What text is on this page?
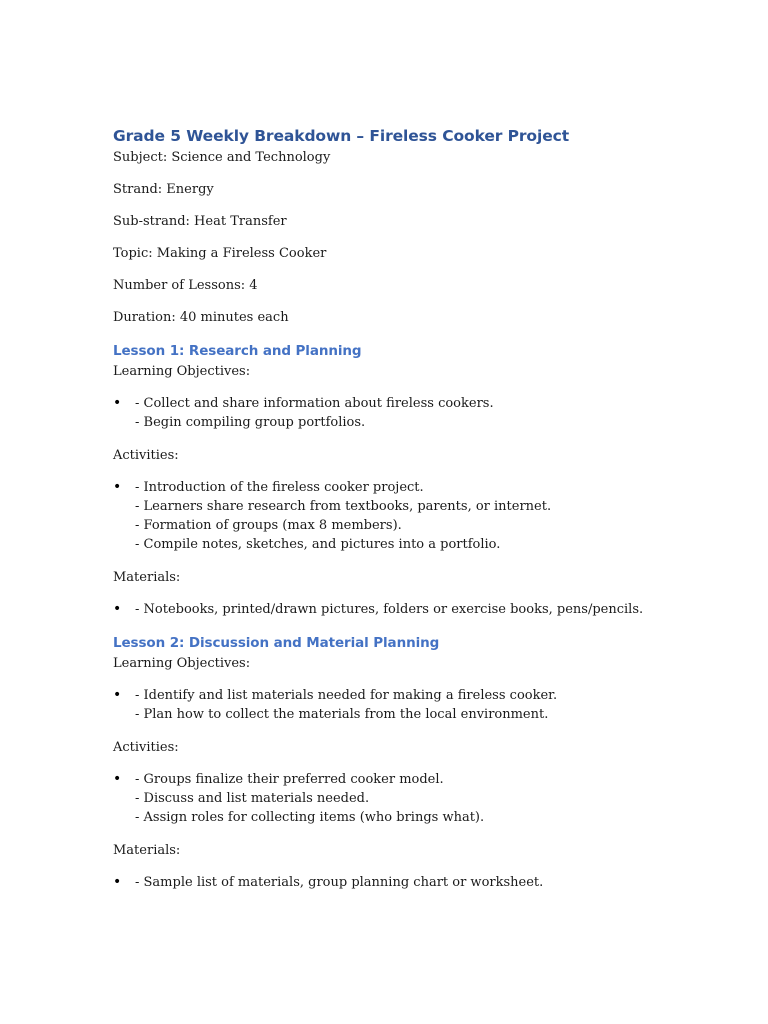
Grade 5 Weekly Breakdown – Fireless Cooker Project

Subject: Science and Technology

Strand: Energy

Sub-strand: Heat Transfer

Topic: Making a Fireless Cooker

Number of Lessons: 4

Duration: 40 minutes each

Lesson 1: Research and Planning

Learning Objectives:

• - Collect and share information about fireless cookers.

- Begin compiling group portfolios.

Activities:

• - Introduction of the fireless cooker project.

- Learners share research from textbooks, parents, or internet.

- Formation of groups (max 8 members).

- Compile notes, sketches, and pictures into a portfolio.

Materials:

• - Notebooks, printed/drawn pictures, folders or exercise books, pens/pencils.

Lesson 2: Discussion and Material Planning

Learning Objectives:

• - Identify and list materials needed for making a fireless cooker.

- Plan how to collect the materials from the local environment.

Activities:

• - Groups finalize their preferred cooker model.

- Discuss and list materials needed.

- Assign roles for collecting items (who brings what).

Materials:

• - Sample list of materials, group planning chart or worksheet.
